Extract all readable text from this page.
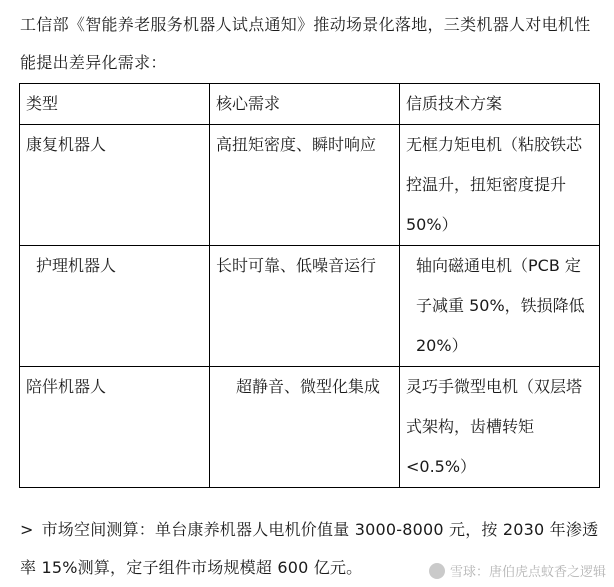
工信部《智能养老服务机器人试点通知》推动场景化落地，三类机器人对电机性能提出差异化需求：
类型	核心需求	信质技术方案
康复机器人	高扭矩密度、瞬时响应	无框力矩电机（粘胶铁芯控温升，扭矩密度提升 50%）
护理机器人	长时可靠、低噪音运行	轴向磁通电机（PCB 定子减重 50%，铁损降低 20%）
陪伴机器人	超静音、微型化集成	灵巧手微型电机（双层塔式架构，齿槽转矩<0.5%）
> 市场空间测算：单台康养机器人电机价值量 3000-8000 元，按 2030 年渗透率 15%测算，定子组件市场规模超 600 亿元。	雪球：唐伯虎点蚊香之逻辑
